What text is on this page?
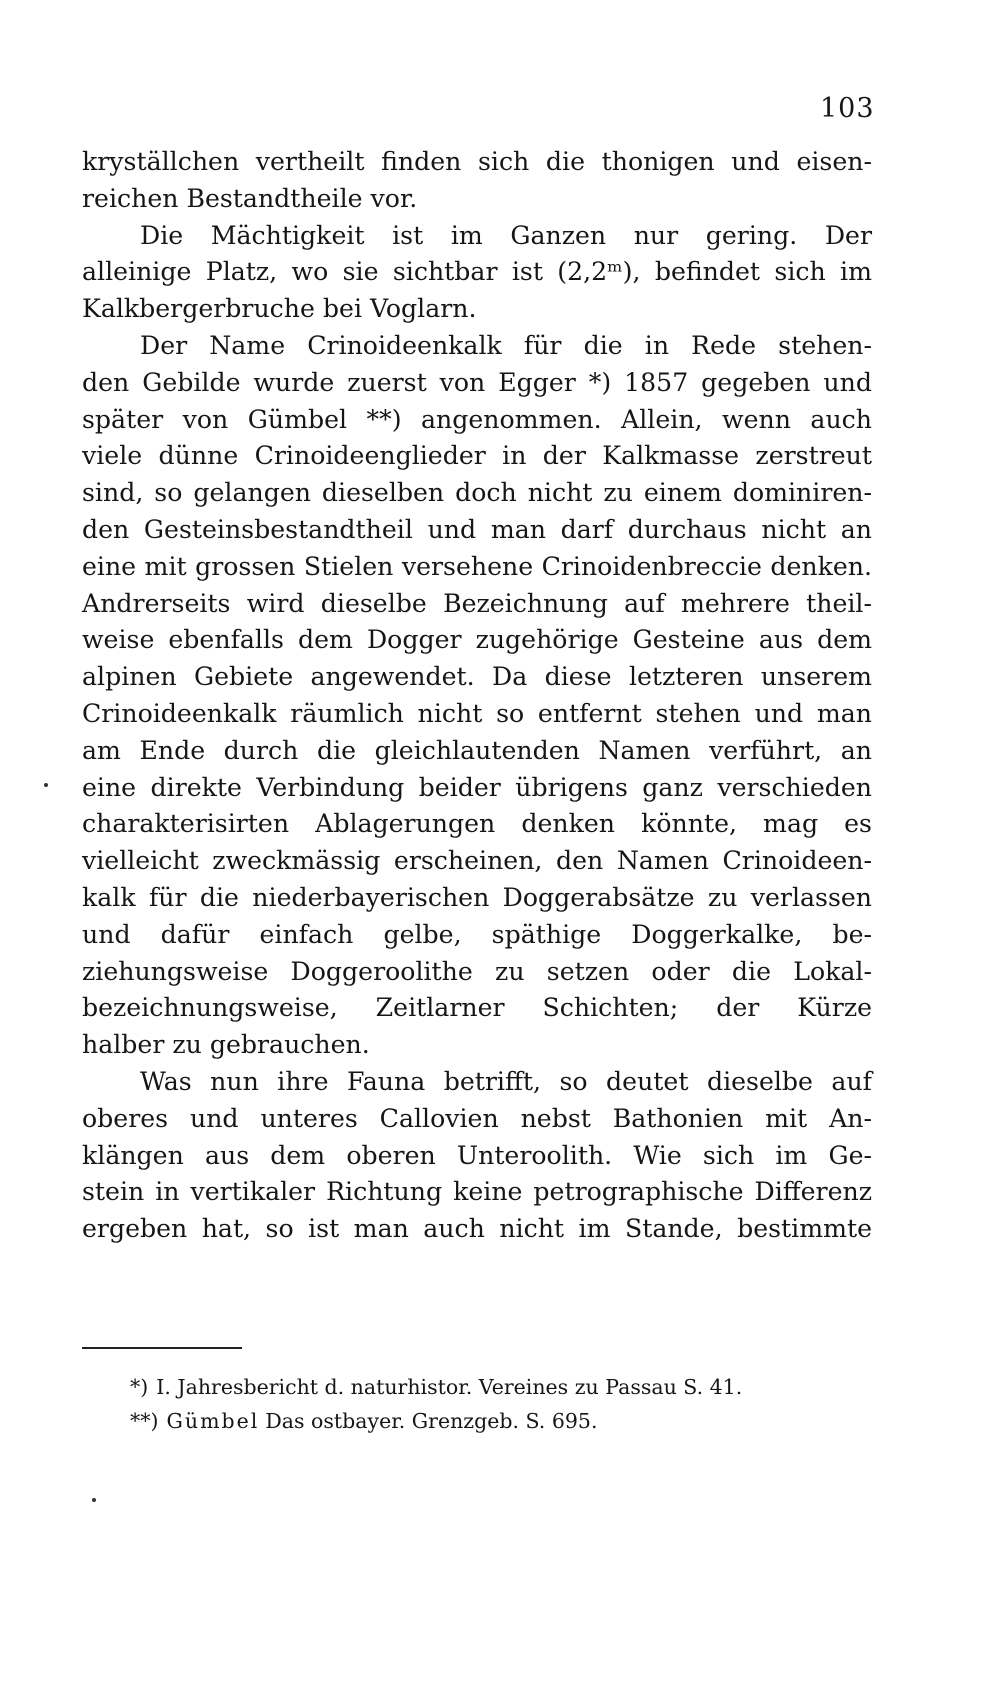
103
kryställchen vertheilt finden sich die thonigen und eisen-
reichen Bestandtheile vor.
Die Mächtigkeit ist im Ganzen nur gering. Der
alleinige Platz, wo sie sichtbar ist (2,2ᵐ), befindet sich im
Kalkbergerbruche bei Voglarn.
Der Name Crinoideenkalk für die in Rede stehen-
den Gebilde wurde zuerst von Egger *) 1857 gegeben und
später von Gümbel **) angenommen. Allein, wenn auch
viele dünne Crinoideenglieder in der Kalkmasse zerstreut
sind, so gelangen dieselben doch nicht zu einem dominiren-
den Gesteinsbestandtheil und man darf durchaus nicht an
eine mit grossen Stielen versehene Crinoidenbreccie denken.
Andrerseits wird dieselbe Bezeichnung auf mehrere theil-
weise ebenfalls dem Dogger zugehörige Gesteine aus dem
alpinen Gebiete angewendet. Da diese letzteren unserem
Crinoideenkalk räumlich nicht so entfernt stehen und man
am Ende durch die gleichlautenden Namen verführt, an
eine direkte Verbindung beider übrigens ganz verschieden
charakterisirten Ablagerungen denken könnte, mag es
vielleicht zweckmässig erscheinen, den Namen Crinoideen-
kalk für die niederbayerischen Doggerabsätze zu verlassen
und dafür einfach gelbe, späthige Doggerkalke, be-
ziehungsweise Doggeroolithe zu setzen oder die Lokal-
bezeichnungsweise, Zeitlarner Schichten; der Kürze
halber zu gebrauchen.
Was nun ihre Fauna betrifft, so deutet dieselbe auf
oberes und unteres Callovien nebst Bathonien mit An-
klängen aus dem oberen Unteroolith. Wie sich im Ge-
stein in vertikaler Richtung keine petrographische Differenz
ergeben hat, so ist man auch nicht im Stande, bestimmte
*) I. Jahresbericht d. naturhistor. Vereines zu Passau S. 41.
**) Gümbel Das ostbayer. Grenzgeb. S. 695.
